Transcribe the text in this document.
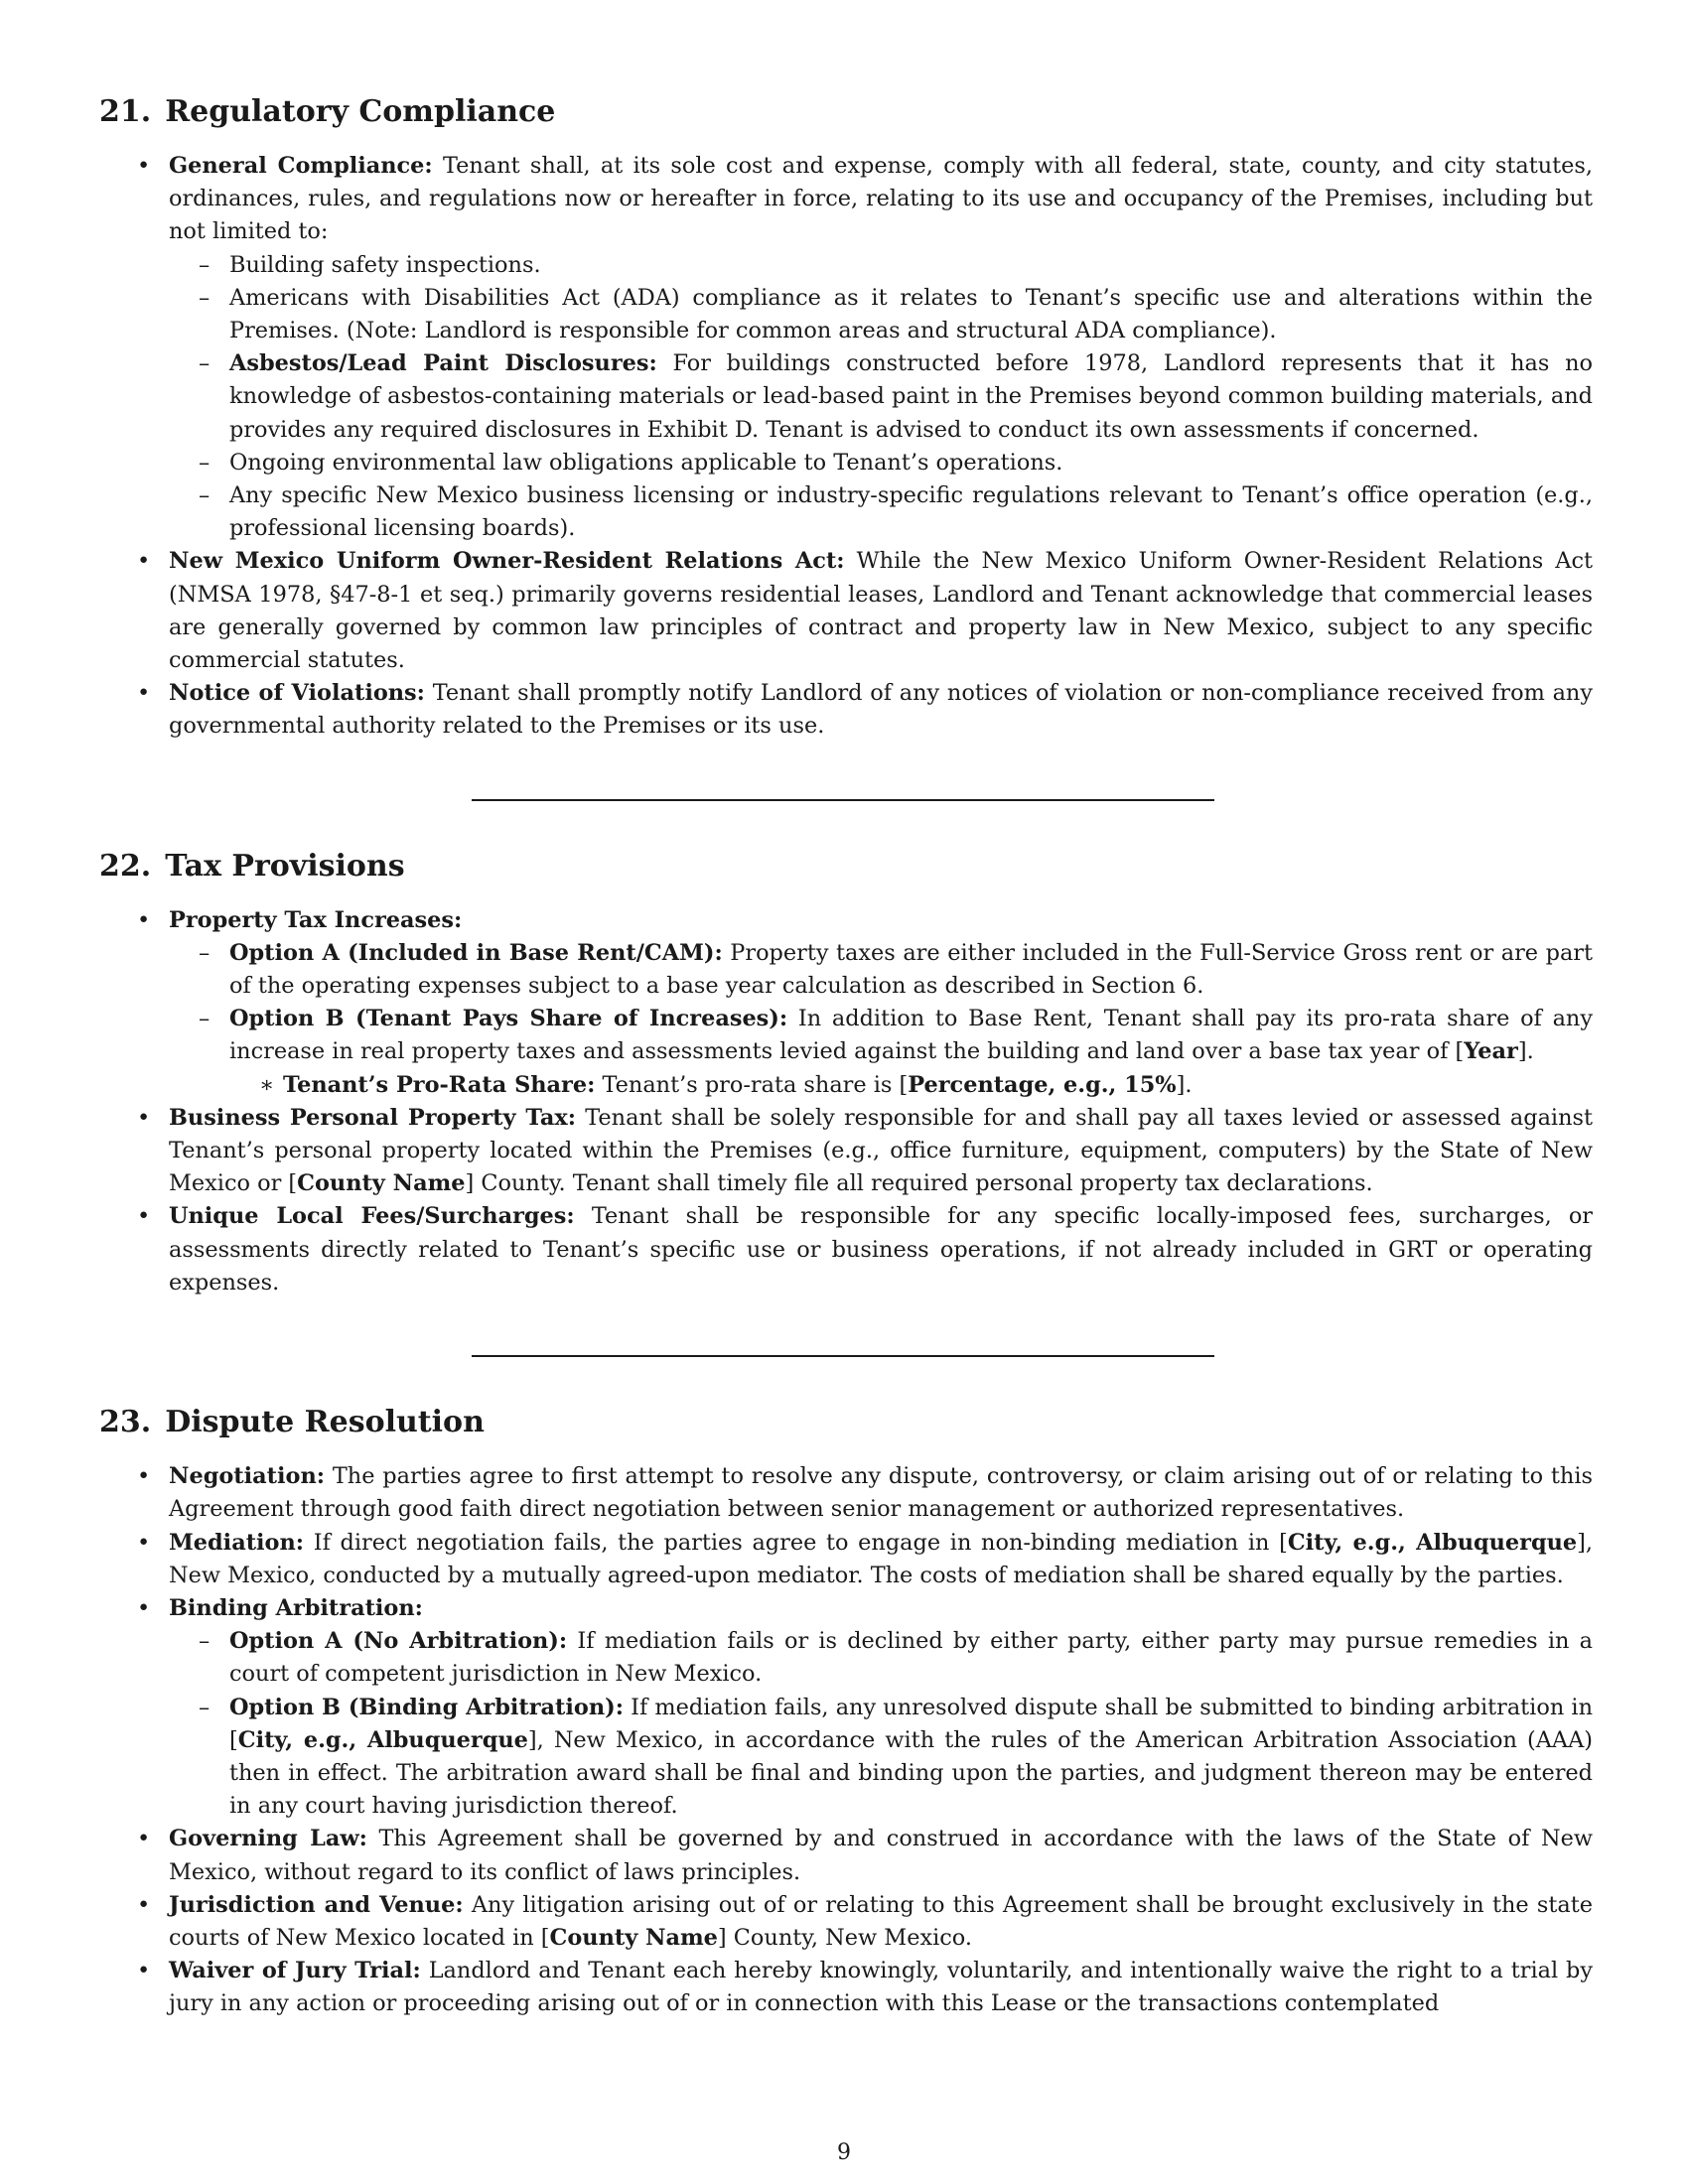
21. Regulatory Compliance
• General Compliance: Tenant shall, at its sole cost and expense, comply with all federal, state, county, and city statutes, ordinances, rules, and regulations now or hereafter in force, relating to its use and occupancy of the Premises, including but not limited to:
– Building safety inspections.
– Americans with Disabilities Act (ADA) compliance as it relates to Tenant’s specific use and alterations within the Premises. (Note: Landlord is responsible for common areas and structural ADA compliance).
– Asbestos/Lead Paint Disclosures: For buildings constructed before 1978, Landlord represents that it has no knowledge of asbestos-containing materials or lead-based paint in the Premises beyond common building materials, and provides any required disclosures in Exhibit D. Tenant is advised to conduct its own assessments if concerned.
– Ongoing environmental law obligations applicable to Tenant’s operations.
– Any specific New Mexico business licensing or industry-specific regulations relevant to Tenant’s office operation (e.g., professional licensing boards).
• New Mexico Uniform Owner-Resident Relations Act: While the New Mexico Uniform Owner-Resident Relations Act (NMSA 1978, §47-8-1 et seq.) primarily governs residential leases, Landlord and Tenant acknowledge that commercial leases are generally governed by common law principles of contract and property law in New Mexico, subject to any specific commercial statutes.
• Notice of Violations: Tenant shall promptly notify Landlord of any notices of violation or non-compliance received from any governmental authority related to the Premises or its use.
22. Tax Provisions
• Property Tax Increases:
– Option A (Included in Base Rent/CAM): Property taxes are either included in the Full-Service Gross rent or are part of the operating expenses subject to a base year calculation as described in Section 6.
– Option B (Tenant Pays Share of Increases): In addition to Base Rent, Tenant shall pay its pro-rata share of any increase in real property taxes and assessments levied against the building and land over a base tax year of [Year].
∗ Tenant’s Pro-Rata Share: Tenant’s pro-rata share is [Percentage, e.g., 15%].
• Business Personal Property Tax: Tenant shall be solely responsible for and shall pay all taxes levied or assessed against Tenant’s personal property located within the Premises (e.g., office furniture, equipment, computers) by the State of New Mexico or [County Name] County. Tenant shall timely file all required personal property tax declarations.
• Unique Local Fees/Surcharges: Tenant shall be responsible for any specific locally-imposed fees, surcharges, or assessments directly related to Tenant’s specific use or business operations, if not already included in GRT or operating expenses.
23. Dispute Resolution
• Negotiation: The parties agree to first attempt to resolve any dispute, controversy, or claim arising out of or relating to this Agreement through good faith direct negotiation between senior management or authorized representatives.
• Mediation: If direct negotiation fails, the parties agree to engage in non-binding mediation in [City, e.g., Albuquerque], New Mexico, conducted by a mutually agreed-upon mediator. The costs of mediation shall be shared equally by the parties.
• Binding Arbitration:
– Option A (No Arbitration): If mediation fails or is declined by either party, either party may pursue remedies in a court of competent jurisdiction in New Mexico.
– Option B (Binding Arbitration): If mediation fails, any unresolved dispute shall be submitted to binding arbitration in [City, e.g., Albuquerque], New Mexico, in accordance with the rules of the American Arbitration Association (AAA) then in effect. The arbitration award shall be final and binding upon the parties, and judgment thereon may be entered in any court having jurisdiction thereof.
• Governing Law: This Agreement shall be governed by and construed in accordance with the laws of the State of New Mexico, without regard to its conflict of laws principles.
• Jurisdiction and Venue: Any litigation arising out of or relating to this Agreement shall be brought exclusively in the state courts of New Mexico located in [County Name] County, New Mexico.
• Waiver of Jury Trial: Landlord and Tenant each hereby knowingly, voluntarily, and intentionally waive the right to a trial by jury in any action or proceeding arising out of or in connection with this Lease or the transactions contemplated
9
